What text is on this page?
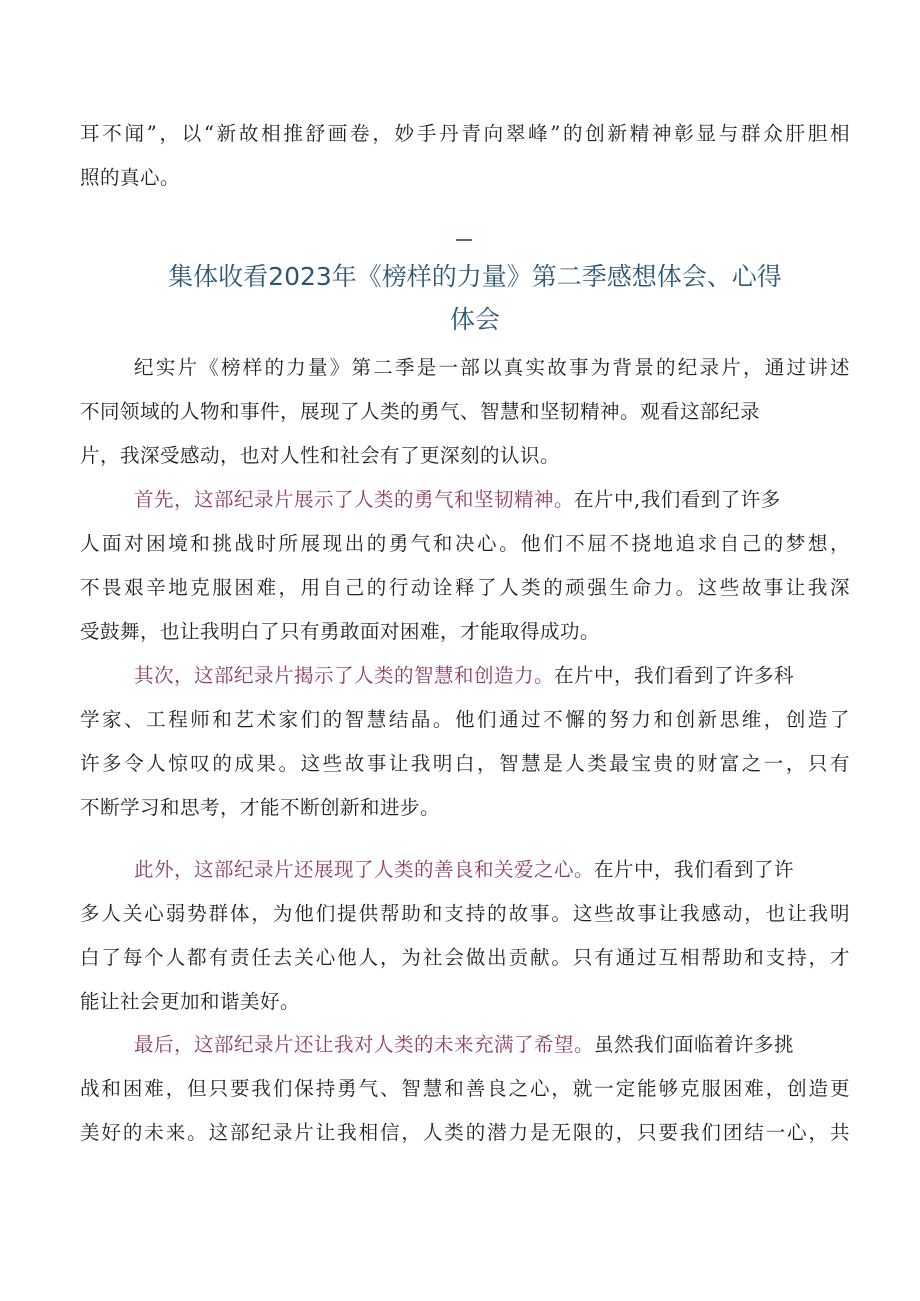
耳不闻”，以“新故相推舒画卷，妙手丹青向翠峰”的创新精神彰显与群众肝胆相
照的真心。
集体收看2023年《榜样的力量》第二季感想体会、心得
体会
纪实片《榜样的力量》第二季是一部以真实故事为背景的纪录片，通过讲述
不同领域的人物和事件，展现了人类的勇气、智慧和坚韧精神。观看这部纪录
片，我深受感动，也对人性和社会有了更深刻的认识。
首先，这部纪录片展示了人类的勇气和坚韧精神。在片中,我们看到了许多
人面对困境和挑战时所展现出的勇气和决心。他们不屈不挠地追求自己的梦想，
不畏艰辛地克服困难，用自己的行动诠释了人类的顽强生命力。这些故事让我深
受鼓舞，也让我明白了只有勇敢面对困难，才能取得成功。
其次，这部纪录片揭示了人类的智慧和创造力。在片中，我们看到了许多科
学家、工程师和艺术家们的智慧结晶。他们通过不懈的努力和创新思维，创造了
许多令人惊叹的成果。这些故事让我明白，智慧是人类最宝贵的财富之一，只有
不断学习和思考，才能不断创新和进步。
此外，这部纪录片还展现了人类的善良和关爱之心。在片中，我们看到了许
多人关心弱势群体，为他们提供帮助和支持的故事。这些故事让我感动，也让我明
白了每个人都有责任去关心他人，为社会做出贡献。只有通过互相帮助和支持，才
能让社会更加和谐美好。
最后，这部纪录片还让我对人类的未来充满了希望。虽然我们面临着许多挑
战和困难，但只要我们保持勇气、智慧和善良之心，就一定能够克服困难，创造更
美好的未来。这部纪录片让我相信，人类的潜力是无限的，只要我们团结一心，共
